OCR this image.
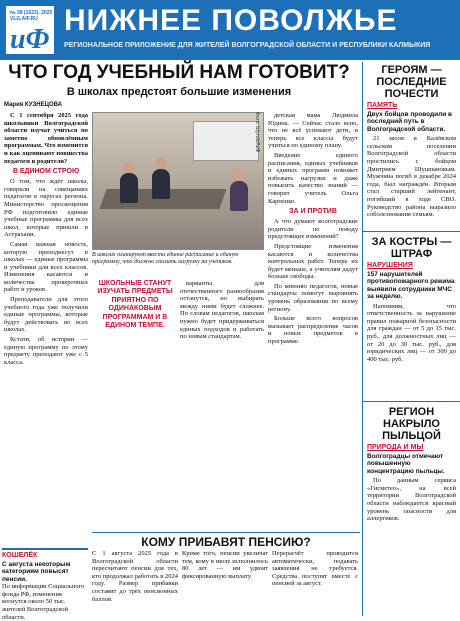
№ 38 (1623). 2025 г.
VLG.AIF.RU
иФ
НИЖНЕЕ ПОВОЛЖЬЕ
РЕГИОНАЛЬНОЕ ПРИЛОЖЕНИЕ ДЛЯ ЖИТЕЛЕЙ ВОЛГОГРАДСКОЙ ОБЛАСТИ И РЕСПУБЛИКИ КАЛМЫКИЯ
ЧТО ГОД УЧЕБНЫЙ НАМ ГОТОВИТ?
В школах предстоят большие изменения
Мария КУЗНЕЦОВА

С 1 сентября 2025 года школьники Волгоградской области изучат учиться по заметно обновлённым программам. Что изменится и как оценивают новшества педагоги и родители?

В ЕДИНОМ СТРОЮ

О том, что ждёт школы, говорили на совещаниях педагогов в округах региона. Министерство просвещения РФ подготовило единые учебные программы для всех школ, которые пришли в Астрахани.

Самая важная новость, которую преподнесут в школах — единые программы и учебники для всех классов. Изменения касаются и количества проверочных работ и уроков.

Преподаватели для этого учебного года уже получили единые программы, которые будут действовать во всех школах.

Кстати, об истории — единую программу по этому предмету преподают уже с 5 класса.

Фото: Шутов/АиФ
В школах планируют ввести единое расписание и единую программу, что должно снизить нагрузку на учеников.
ШКОЛЬНЫЕ СТАНУТ ИЗУЧАТЬ ПРЕДМЕТЫ ПРИЯТНО ПО ОДИНАКОВЫМ ПРОГРАММАМ И В ЕДИНОМ ТЕМПЕ.

варианты для отечественного разнообразия останутся, но выбирать между ними будет сложнее. По словам педагогов, школам нужно будет придерживаться единых подходов и работать по новым стандартам.

детская мама Людмила Юдина. — Сейчас стало ясно, что не всё успевают дети, и теперь все классы будут учиться по единому плану.

Введение единого расписания, единых учебников и единых программ поможет избежать нагрузки и даже повысить качество знаний — говорит учитель Ольга Карпенко.

ЗА И ПРОТИВ

А что думают волгоградские родители по поводу предстоящих изменений?

Предстоящие изменения касаются и количества контрольных работ. Теперь их будет меньше, а учителям дадут больше свободы.

По мнению педагогов, новые стандарты помогут выровнять уровень образования по всему региону.

Больше всего вопросов вызывает распределение часов и новых предметов в программе.

ГЕРОЯМ — ПОСЛЕДНИЕ ПОЧЕСТИ
ПАМЯТЬ
Двух бойцов проводили в последний путь в Волгоградской области.

21 июля в Калёвском сельском поселении Волгоградской области простились с бойцом Дмитрием Шушпановым. Мужчина погиб в декабре 2024 года, был награждён. Вторым стал старший лейтенант, погибший в ходе СВО. Руководство района выразило соболезнования семьям.

ЗА КОСТРЫ — ШТРАФ
НАРУШЕНИЯ
157 нарушителей противопожарного режима выявили сотрудники МЧС за неделю.

Напомним, что ответственность за нарушение правил пожарной безопасности для граждан — от 5 до 15 тыс. руб., для должностных лиц — от 20 до 30 тыс. руб., для юридических лиц — от 300 до 400 тыс. руб.

РЕГИОН НАКРЫЛО ПЫЛЬЦОЙ
ПРИРОДА И МЫ
Волгоградцы отмечают повышенную концентрацию пыльцы.

По данным сервиса «Гисметео», на всей территории Волгоградской области наблюдается красный уровень опасности для аллергиков.

КОШЕЛЁК
С августа некоторым категориям повысят пенсии.
По информации Социального фонда РФ, изменения коснутся около 50 тыс. жителей Волгоградской области.
КОМУ ПРИБАВЯТ ПЕНСИЮ?
С 1 августа 2025 года в Волгоградской области пересчитают пенсии для тех, кто продолжал работать в 2024 году. Размер прибавки составит до трёх пенсионных баллов.
Кроме того, пенсии увеличат тем, кому в июле исполнилось 80 лет — им удвоят фиксированную выплату.
Перерасчёт проводится автоматически, подавать заявления не требуется. Средства поступят вместе с пенсией за август.
